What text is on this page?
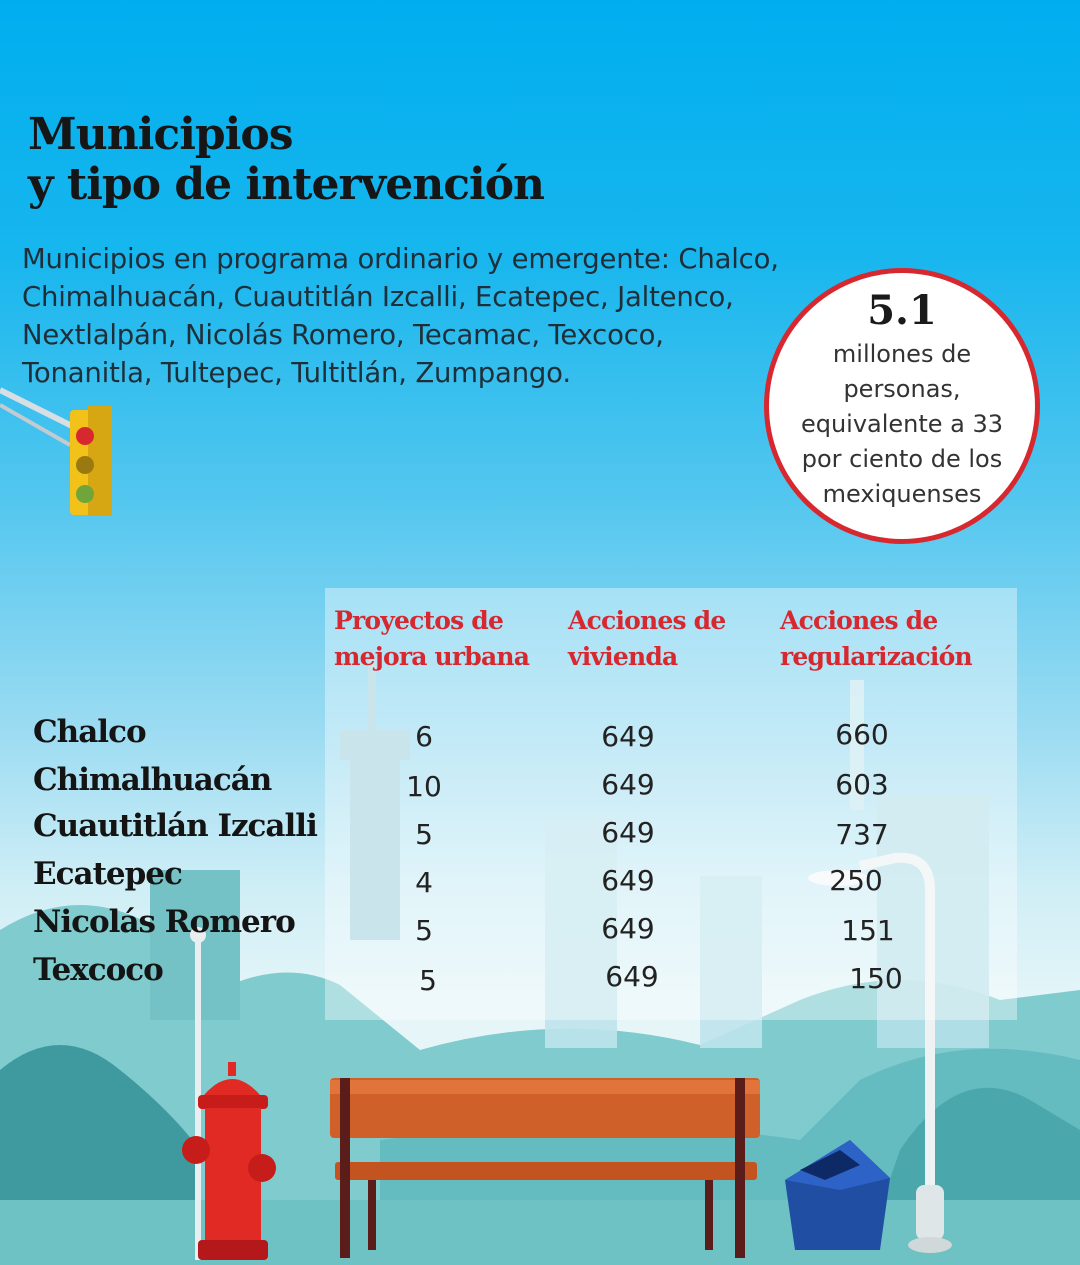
Municipios
y tipo de intervención

Municipios en programa ordinario y emergente: Chalco, Chimalhuacán, Cuautitlán Izcalli, Ecatepec, Jaltenco, Nextlalpán, Nicolás Romero, Tecamac, Texcoco, Tonanitla, Tultepec, Tultitlán, Zumpango.

5.1
millones de personas, equivalente a 33 por ciento de los mexiquenses
Proyectos de
mejora urbana
Acciones de
vivienda
Acciones de
regularización
Chalco	6	649	660
Chimalhuacán	10	649	603
Cuautitlán Izcalli	5	649	737
Ecatepec	4	649	250
Nicolás Romero	5	649	151
Texcoco	5	649	150
